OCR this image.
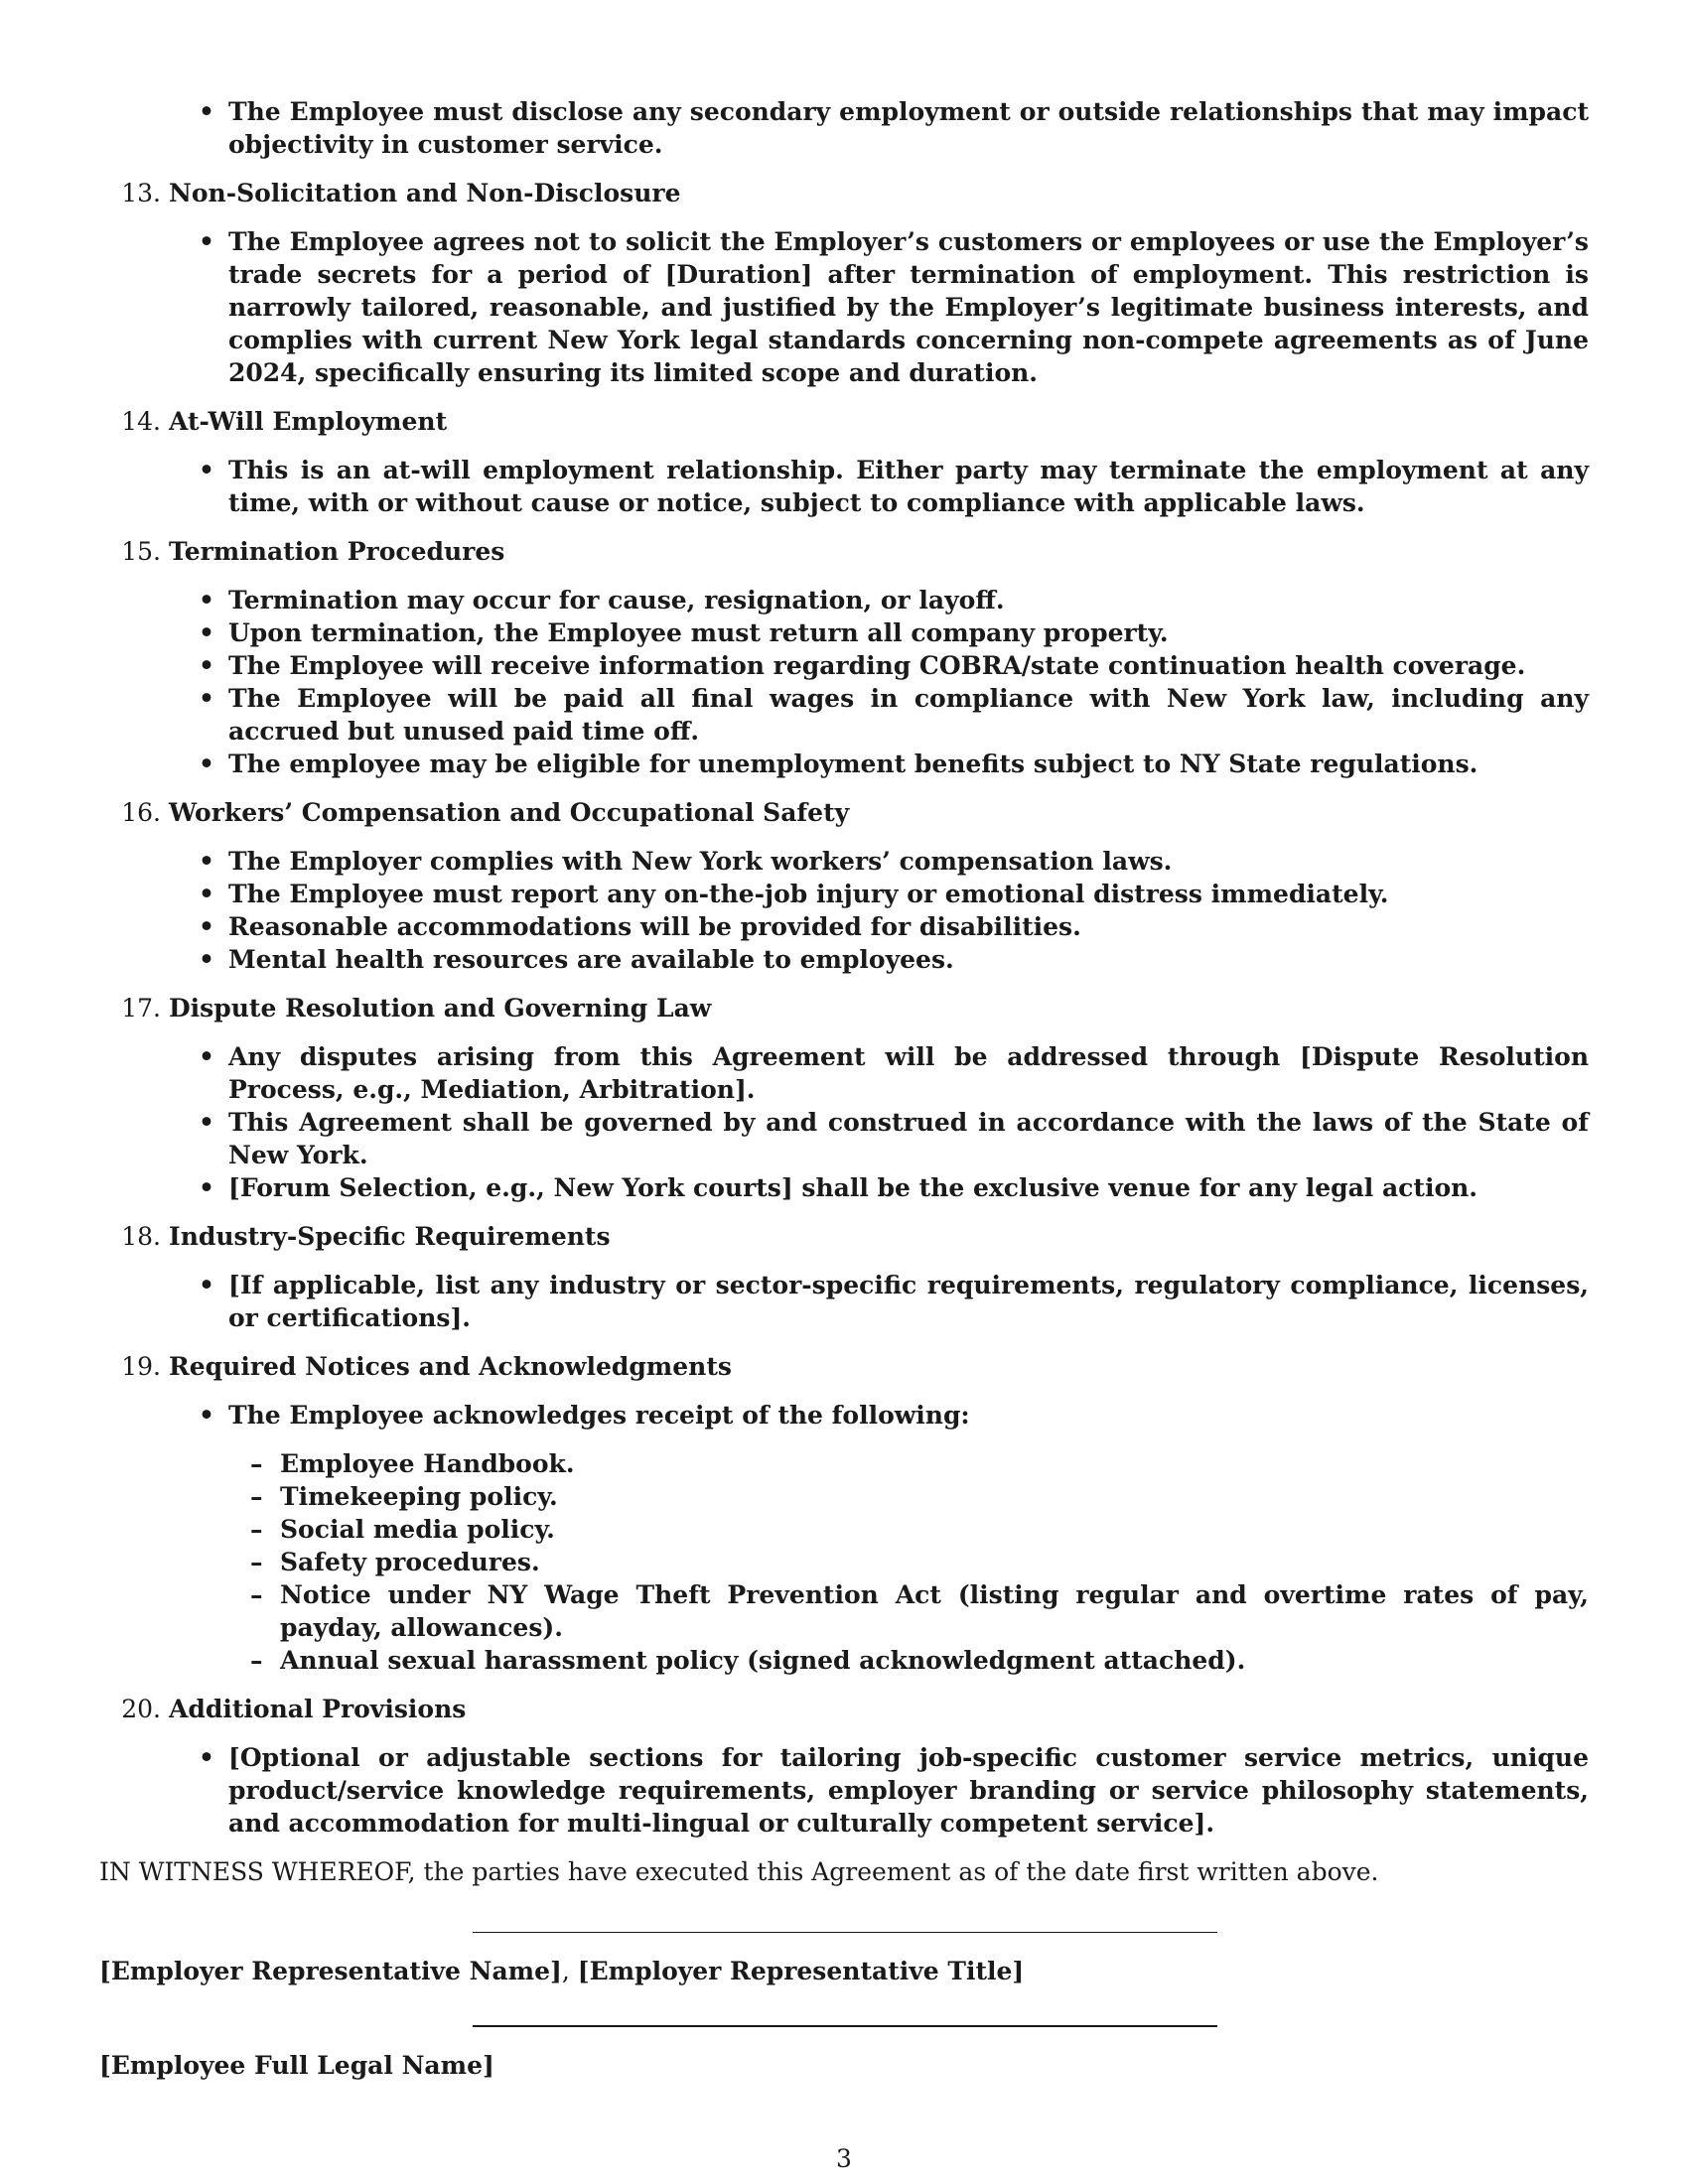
• The Employee must disclose any secondary employment or outside relationships that may impact objectivity in customer service.
13. Non-Solicitation and Non-Disclosure
• The Employee agrees not to solicit the Employer’s customers or employees or use the Employer’s trade secrets for a period of [Duration] after termination of employment. This restriction is narrowly tailored, reasonable, and justified by the Employer’s legitimate business interests, and complies with current New York legal standards concerning non-compete agreements as of June 2024, specifically ensuring its limited scope and duration.
14. At-Will Employment
• This is an at-will employment relationship. Either party may terminate the employment at any time, with or without cause or notice, subject to compliance with applicable laws.
15. Termination Procedures
• Termination may occur for cause, resignation, or layoff.
• Upon termination, the Employee must return all company property.
• The Employee will receive information regarding COBRA/state continuation health coverage.
• The Employee will be paid all final wages in compliance with New York law, including any accrued but unused paid time off.
• The employee may be eligible for unemployment benefits subject to NY State regulations.
16. Workers’ Compensation and Occupational Safety
• The Employer complies with New York workers’ compensation laws.
• The Employee must report any on-the-job injury or emotional distress immediately.
• Reasonable accommodations will be provided for disabilities.
• Mental health resources are available to employees.
17. Dispute Resolution and Governing Law
• Any disputes arising from this Agreement will be addressed through [Dispute Resolution Process, e.g., Mediation, Arbitration].
• This Agreement shall be governed by and construed in accordance with the laws of the State of New York.
• [Forum Selection, e.g., New York courts] shall be the exclusive venue for any legal action.
18. Industry-Specific Requirements
• [If applicable, list any industry or sector-specific requirements, regulatory compliance, licenses, or certifications].
19. Required Notices and Acknowledgments
• The Employee acknowledges receipt of the following:
– Employee Handbook.
– Timekeeping policy.
– Social media policy.
– Safety procedures.
– Notice under NY Wage Theft Prevention Act (listing regular and overtime rates of pay, payday, allowances).
– Annual sexual harassment policy (signed acknowledgment attached).
20. Additional Provisions
• [Optional or adjustable sections for tailoring job-specific customer service metrics, unique product/service knowledge requirements, employer branding or service philosophy statements, and accommodation for multi-lingual or culturally competent service].
IN WITNESS WHEREOF, the parties have executed this Agreement as of the date first written above.
[Employer Representative Name], [Employer Representative Title]
[Employee Full Legal Name]
3
